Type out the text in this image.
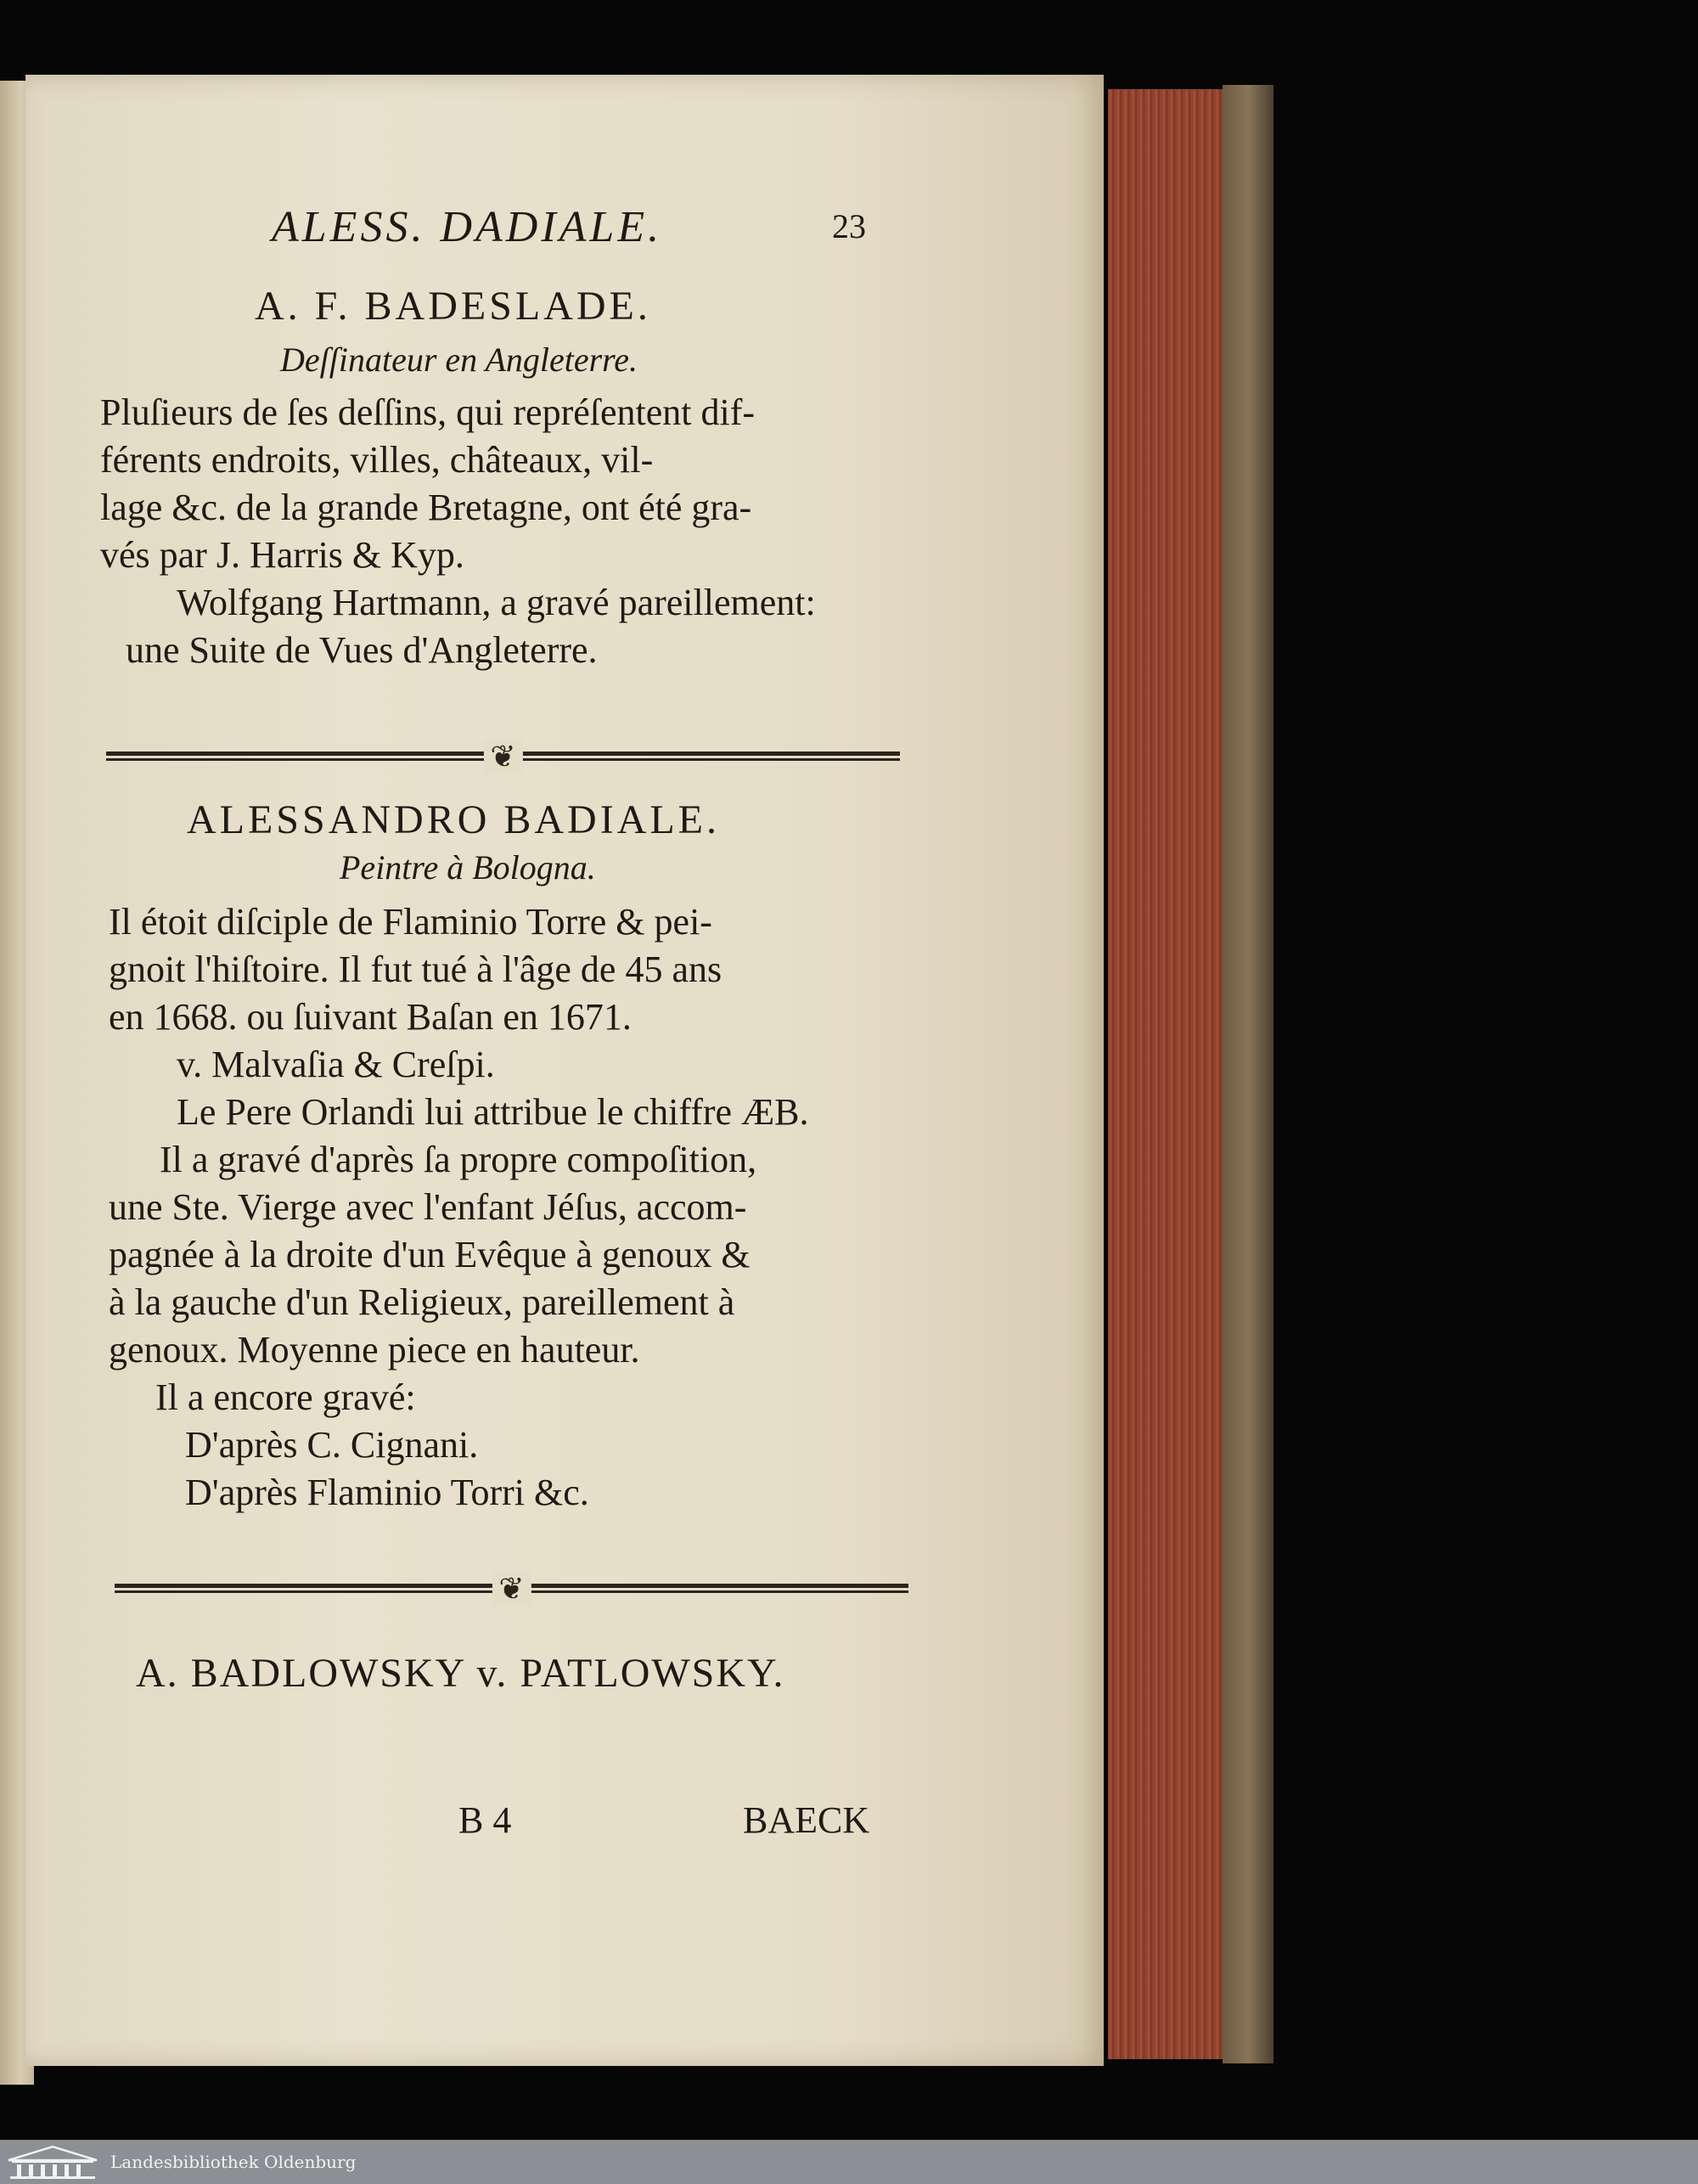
ALESS. DADIALE.	23
A. F. BADESLADE.
Deſſinateur en Angleterre.

Pluſieurs de ſes deſſins, qui repréſentent dif-

férents endroits, villes, châteaux, vil-

lage &c. de la grande Bretagne, ont été gra-

vés par J. Harris & Kyp.

Wolfgang Hartmann, a gravé pareillement:

une Suite de Vues d'Angleterre.

❦
ALESSANDRO BADIALE.
Peintre à Bologna.

Il étoit diſciple de Flaminio Torre & pei-

gnoit l'hiſtoire. Il fut tué à l'âge de 45 ans

en 1668. ou ſuivant Baſan en 1671.

v. Malvaſia & Creſpi.

Le Pere Orlandi lui attribue le chiffre ÆB.

Il a gravé d'après ſa propre compoſition,

une Ste. Vierge avec l'enfant Jéſus, accom-

pagnée à la droite d'un Evêque à genoux &

à la gauche d'un Religieux, pareillement à

genoux. Moyenne piece en hauteur.

Il a encore gravé:

D'après C. Cignani.

D'après Flaminio Torri &c.

❦
A. BADLOWSKY v. PATLOWSKY.
B 4	BAECK
Landesbibliothek Oldenburg
